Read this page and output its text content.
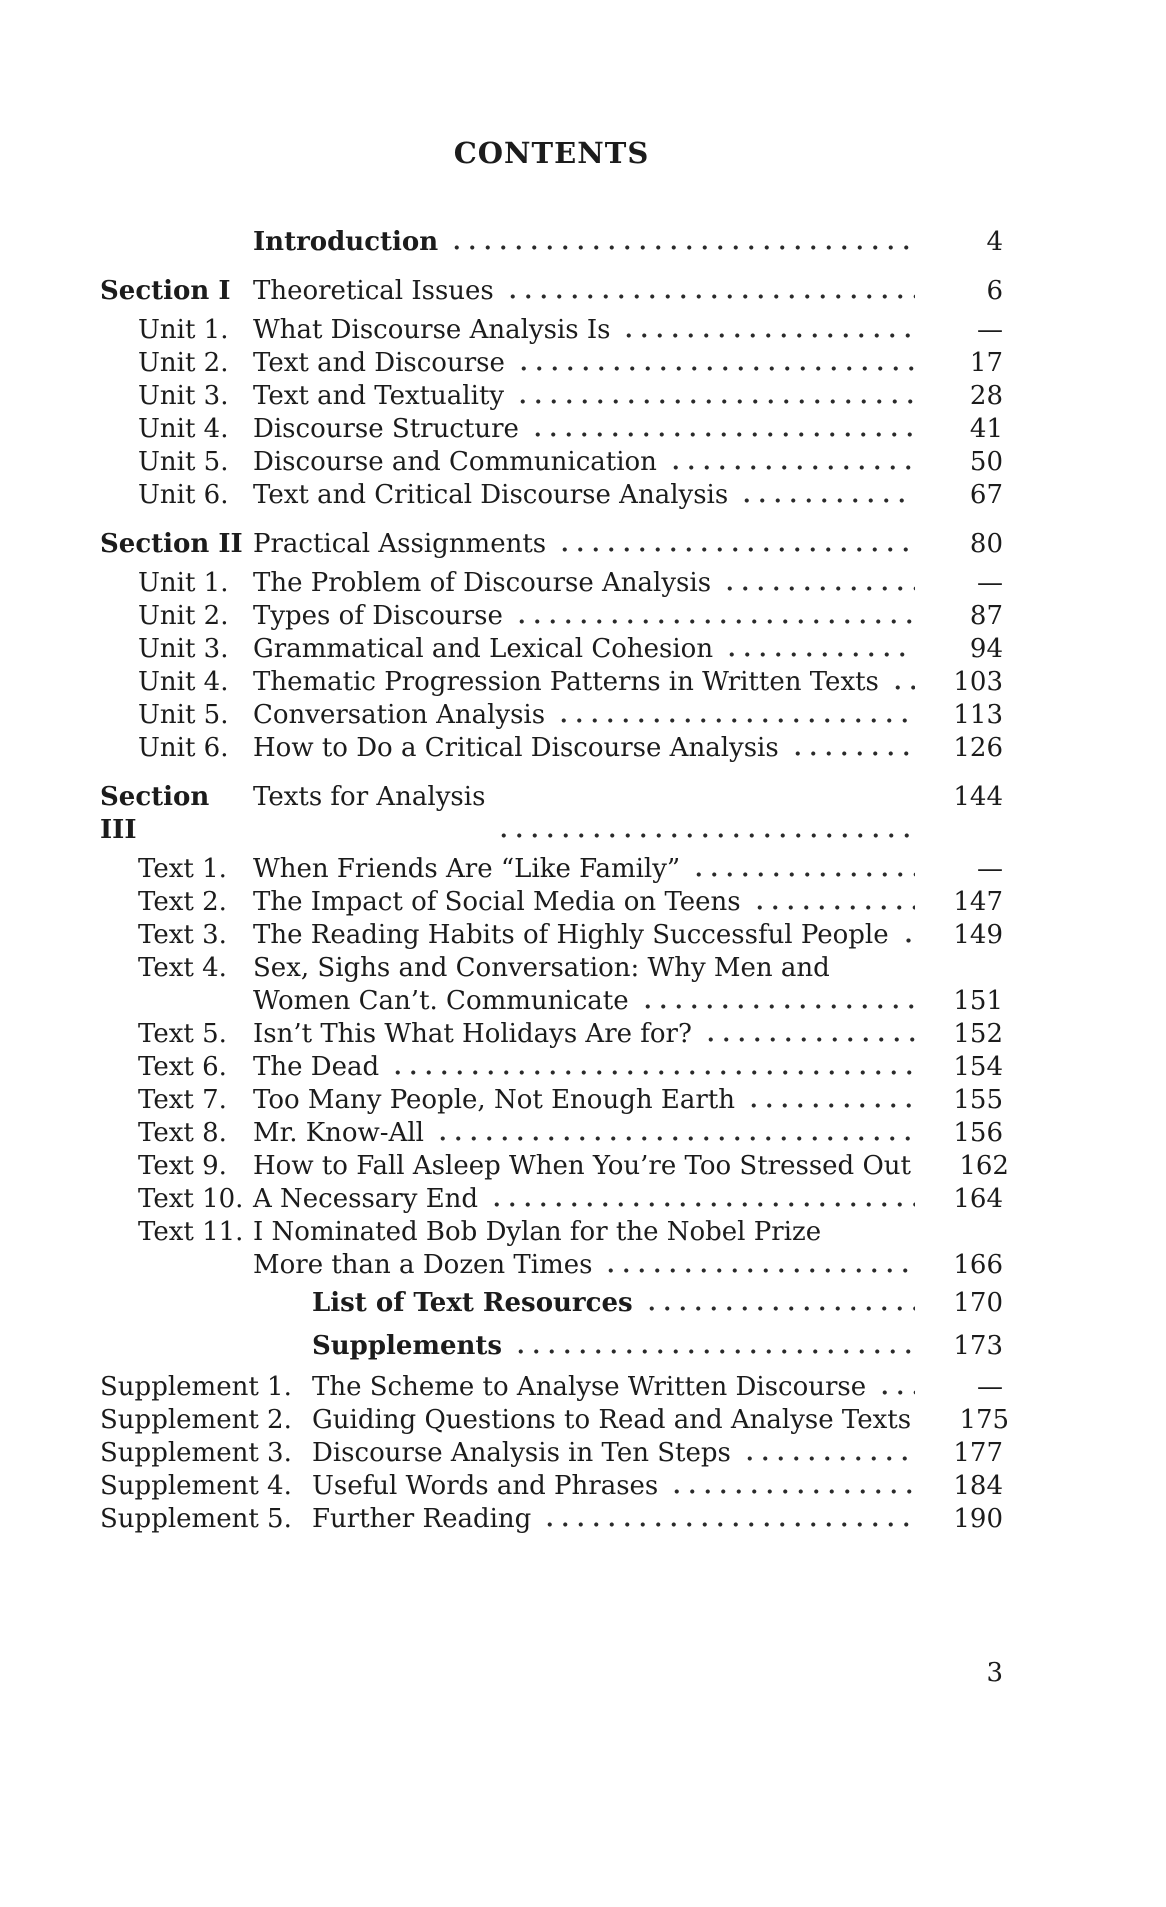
CONTENTS
Introduction	4
Section I Theoretical Issues	6
Unit 1. What Discourse Analysis Is	—
Unit 2. Text and Discourse	17
Unit 3. Text and Textuality	28
Unit 4. Discourse Structure	41
Unit 5. Discourse and Communication	50
Unit 6. Text and Critical Discourse Analysis	67
Section II Practical Assignments	80
Unit 1. The Problem of Discourse Analysis	—
Unit 2. Types of Discourse	87
Unit 3. Grammatical and Lexical Cohesion	94
Unit 4. Thematic Progression Patterns in Written Texts	103
Unit 5. Conversation Analysis	113
Unit 6. How to Do a Critical Discourse Analysis	126
Section III
Texts for Analysis	144
Text 1.	When Friends Are “Like Family”	—
Text 2.	The Impact of Social Media on Teens	147
Text 3.	The Reading Habits of Highly Successful People	149
Text 4.	Sex, Sighs and Conversation: Why Men and
Women Can’t. Communicate	151
Text 5.	Isn’t This What Holidays Are for?	152
Text 6.	The Dead	154
Text 7.	Too Many People, Not Enough Earth	155
Text 8.	Mr. Know-All	156
Text 9.	How to Fall Asleep When You’re Too Stressed Out	162
Text 10. A Necessary End	164
Text 11. I Nominated Bob Dylan for the Nobel Prize
More than a Dozen Times	166
List of Text Resources	170
Supplements	173
Supplement 1. The Scheme to Analyse Written Discourse	—
Supplement 2. Guiding Questions to Read and Analyse Texts	175
Supplement 3. Discourse Analysis in Ten Steps	177
Supplement 4. Useful Words and Phrases	184
Supplement 5. Further Reading	190
3
